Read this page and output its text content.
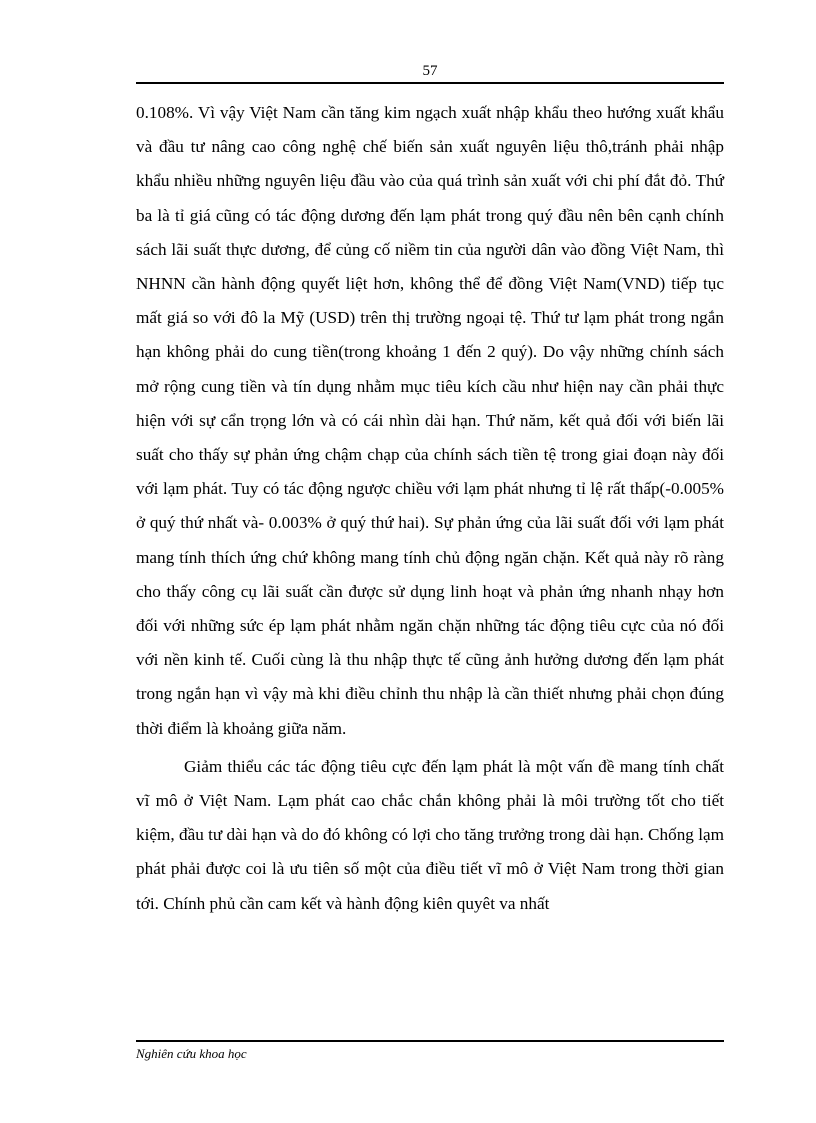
57

0.108%. Vì vậy Việt Nam cần tăng kim ngạch xuất nhập khẩu theo hướng xuất khẩu và đầu tư nâng cao công nghệ chế biến sản xuất nguyên liệu thô,tránh phải nhập khẩu nhiều những nguyên liệu đầu vào của quá trình sản xuất với chi phí đắt đỏ. Thứ ba là tỉ giá cũng có tác động dương đến lạm phát trong quý đầu nên bên cạnh chính sách lãi suất thực dương, để củng cố niềm tin của người dân vào đồng Việt Nam, thì NHNN cần hành động quyết liệt hơn, không thể để đồng Việt Nam(VND) tiếp tục mất giá so với đô la Mỹ (USD) trên thị trường ngoại tệ. Thứ tư lạm phát trong ngắn hạn không phải do cung tiền(trong khoảng 1 đến 2 quý). Do vậy những chính sách mở rộng cung tiền và tín dụng nhằm mục tiêu kích cầu như hiện nay cần phải thực hiện với sự cẩn trọng lớn và có cái nhìn dài hạn. Thứ năm, kết quả đối với biến lãi suất cho thấy sự phản ứng chậm chạp của chính sách tiền tệ trong giai đoạn này đối với lạm phát. Tuy có tác động ngược chiều với lạm phát nhưng tỉ lệ rất thấp(-0.005% ở quý thứ nhất và- 0.003% ở quý thứ hai). Sự phản ứng của lãi suất đối với lạm phát mang tính thích ứng chứ không mang tính chủ động ngăn chặn. Kết quả này rõ ràng cho thấy công cụ lãi suất cần được sử dụng linh hoạt và phản ứng nhanh nhạy hơn đối với những sức ép lạm phát nhằm ngăn chặn những tác động tiêu cực của nó đối với nền kinh tế. Cuối cùng là thu nhập thực tế cũng ảnh hưởng dương đến lạm phát trong ngắn hạn vì vậy mà khi điều chỉnh thu nhập là cần thiết nhưng phải chọn đúng thời điểm là khoảng giữa năm.

Giảm thiểu các tác động tiêu cực đến lạm phát là một vấn đề mang tính chất vĩ mô ở Việt Nam. Lạm phát cao chắc chắn không phải là môi trường tốt cho tiết kiệm, đầu tư dài hạn và do đó không có lợi cho tăng trưởng trong dài hạn. Chống lạm phát phải được coi là ưu tiên số một của điều tiết vĩ mô ở Việt Nam trong thời gian tới. Chính phủ cần cam kết và hành động kiên quyêt va nhất

Nghiên cứu khoa học
